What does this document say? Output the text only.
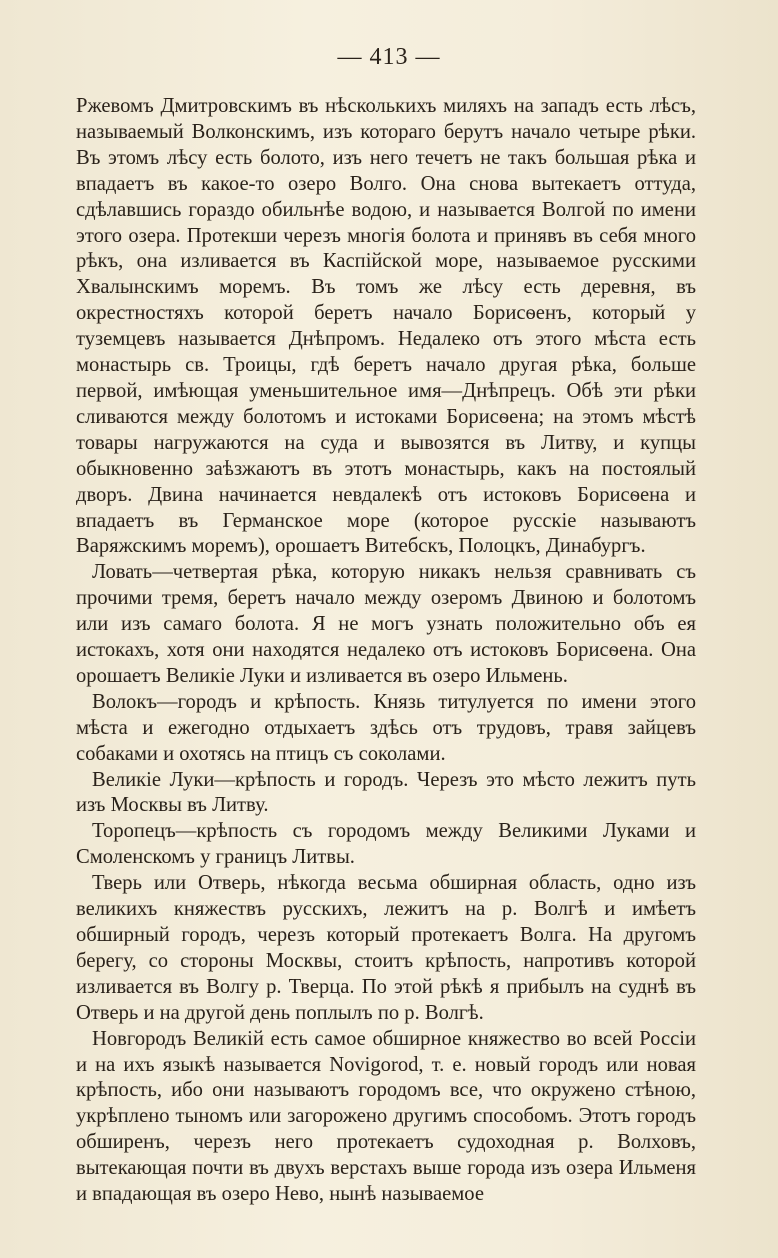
— 413 —

Ржевомъ Дмитровскимъ въ нѣсколькихъ миляхъ на западъ есть лѣсъ, называемый Волконскимъ, изъ котораго берутъ начало четыре рѣки. Въ этомъ лѣсу есть болото, изъ него течетъ не такъ большая рѣка и впадаетъ въ какое-то озеро Волго. Она снова вытекаетъ оттуда, сдѣлавшись гораздо обильнѣе водою, и называется Волгой по имени этого озера. Протекши черезъ многія болота и принявъ въ себя много рѣкъ, она изливается въ Каспійской море, называемое русскими Хвалынскимъ моремъ. Въ томъ же лѣсу есть деревня, въ окрестностяхъ которой беретъ начало Борисѳенъ, который у туземцевъ называется Днѣпромъ. Недалеко отъ этого мѣста есть монастырь св. Троицы, гдѣ беретъ начало другая рѣка, больше первой, имѣющая уменьшительное имя—Днѣпрецъ. Обѣ эти рѣки сливаются между болотомъ и истоками Борисѳена; на этомъ мѣстѣ товары нагружаются на суда и вывозятся въ Литву, и купцы обыкновенно заѣзжаютъ въ этотъ монастырь, какъ на постоялый дворъ. Двина начинается невдалекѣ отъ истоковъ Борисѳена и впадаетъ въ Германское море (которое русскіе называютъ Варяжскимъ моремъ), орошаетъ Витебскъ, Полоцкъ, Динабургъ.

Ловать—четвертая рѣка, которую никакъ нельзя сравнивать съ прочими тремя, беретъ начало между озеромъ Двиною и болотомъ или изъ самаго болота. Я не могъ узнать положительно объ ея истокахъ, хотя они находятся недалеко отъ истоковъ Борисѳена. Она орошаетъ Великіе Луки и изливается въ озеро Ильмень.

Волокъ—городъ и крѣпость. Князь титулуется по имени этого мѣста и ежегодно отдыхаетъ здѣсь отъ трудовъ, травя зайцевъ собаками и охотясь на птицъ съ соколами.

Великіе Луки—крѣпость и городъ. Черезъ это мѣсто лежитъ путь изъ Москвы въ Литву.

Торопецъ—крѣпость съ городомъ между Великими Луками и Смоленскомъ у границъ Литвы.

Тверь или Отверь, нѣкогда весьма обширная область, одно изъ великихъ княжествъ русскихъ, лежитъ на р. Волгѣ и имѣетъ обширный городъ, черезъ который протекаетъ Волга. На другомъ берегу, со стороны Москвы, стоитъ крѣпость, напротивъ которой изливается въ Волгу р. Тверца. По этой рѣкѣ я прибылъ на суднѣ въ Отверь и на другой день поплылъ по р. Волгѣ.

Новгородъ Великій есть самое обширное княжество во всей Россіи и на ихъ языкѣ называется Novigorod, т. е. новый городъ или новая крѣпость, ибо они называютъ городомъ все, что окружено стѣною, укрѣплено тыномъ или загорожено другимъ способомъ. Этотъ городъ обширенъ, черезъ него протекаетъ судоходная р. Волховъ, вытекающая почти въ двухъ верстахъ выше города изъ озера Ильменя и впадающая въ озеро Нево, нынѣ называемое
